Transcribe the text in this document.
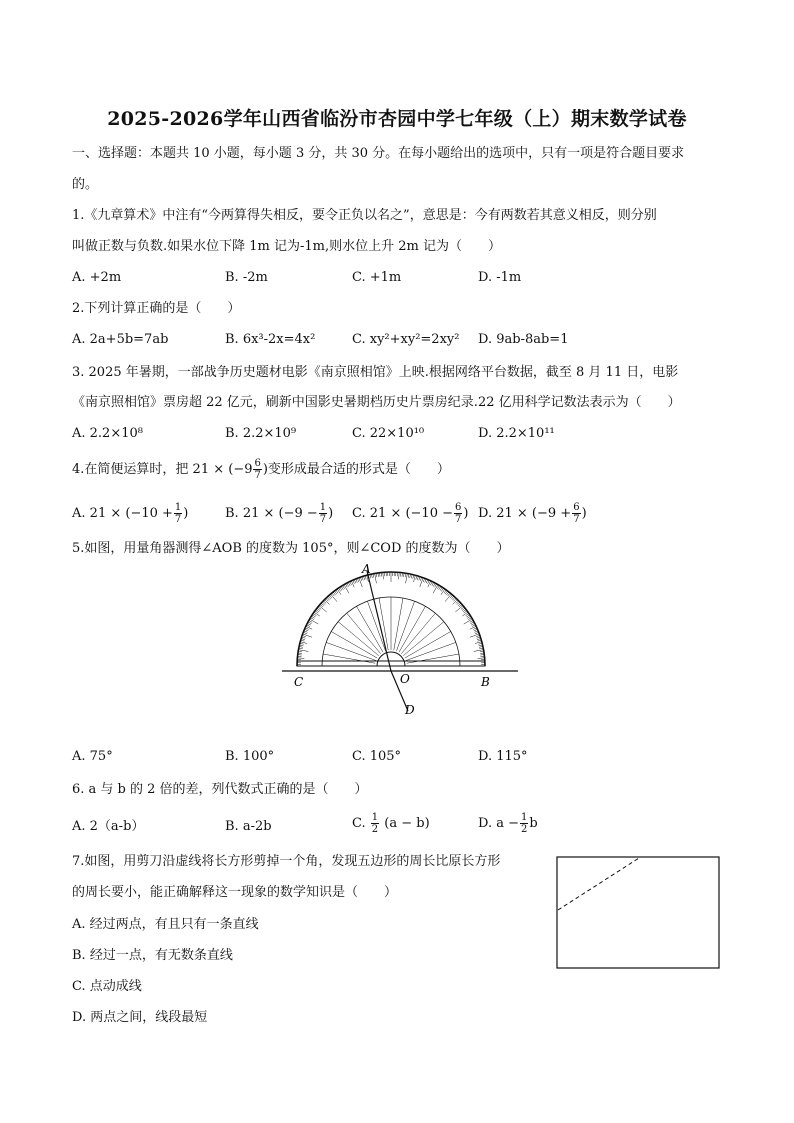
2025-2026学年山西省临汾市杏园中学七年级（上）期末数学试卷
一、选择题：本题共 10 小题，每小题 3 分，共 30 分。在每小题给出的选项中，只有一项是符合题目要求
的。
1.《九章算术》中注有“今两算得失相反，要令正负以名之”，意思是：今有两数若其意义相反，则分别
叫做正数与负数.如果水位下降 1m 记为-1m,则水位上升 2m 记为（　　）
A. +2m	B. -2m	C. +1m	D. -1m
2.下列计算正确的是（　　）
A. 2a+5b=7ab	B. 6x³-2x=4x²	C. xy²+xy²=2xy² D. 9ab-8ab=1
3. 2025 年暑期，一部战争历史题材电影《南京照相馆》上映.根据网络平台数据，截至 8 月 11 日，电影
《南京照相馆》票房超 22 亿元，刷新中国影史暑期档历史片票房纪录.22 亿用科学记数法表示为（　　）
A. 2.2×10⁸	B. 2.2×10⁹	C. 22×10¹⁰	D. 2.2×10¹¹
4.在简便运算时，把 $21 \times (-9 \frac{6}{7}$ )变形成最合适的形式是（　　）
A. $21 \times (-10 + \frac{1}{7}$ )	B. $21 \times (-9 - \frac{1}{7}$ ) C. $21 \times (-10 - \frac{6}{7}$ ) D. $21 \times (-9 + \frac{6}{7}$ )
5.如图，用量角器测得∠AOB 的度数为 105°，则∠COD 的度数为（　　）
A
B
C	O
D
A. 75°	B. 100°	C. 105°	D. 115°
6. a 与 b 的 2 倍的差，列代数式正确的是（　　）
A. 2（a-b）	B. a-2b	C. $\frac{1}{2} (a - b)$	D. $a - \frac{1}{2}$ b
7.如图，用剪刀沿虚线将长方形剪掉一个角，发现五边形的周长比原长方形
的周长要小，能正确解释这一现象的数学知识是（　　）
A. 经过两点，有且只有一条直线
B. 经过一点，有无数条直线
C. 点动成线
D. 两点之间，线段最短
